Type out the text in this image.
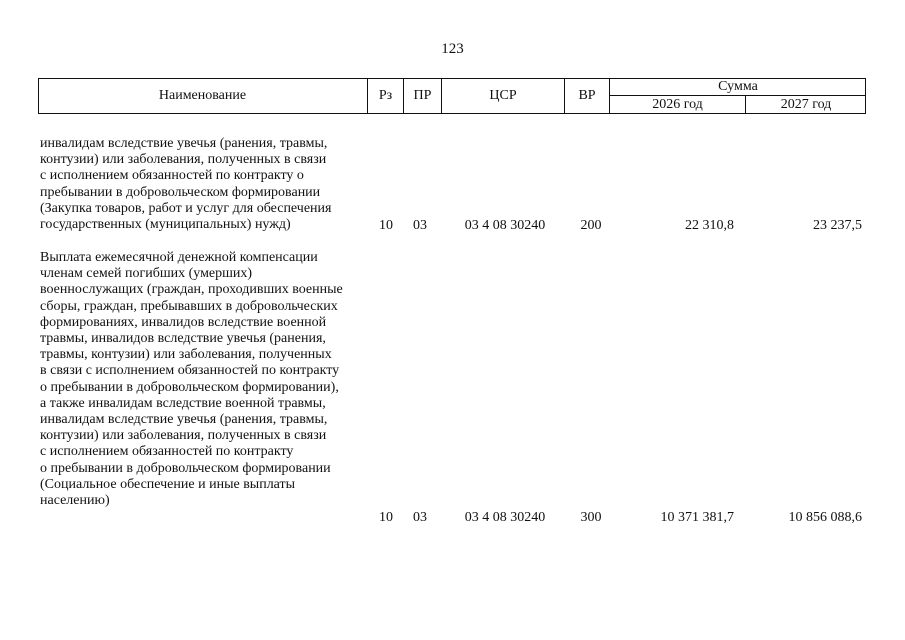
123
Наименование	Рз	ПР	ЦСР	ВР
Сумма
2026 год	2027 год
инвалидам вследствие увечья (ранения, травмы,
контузии) или заболевания, полученных в связи
с исполнением обязанностей по контракту о
пребывании в добровольческом формировании
(Закупка товаров, работ и услуг для обеспечения
государственных (муниципальных) нужд)	10	03	03 4 08 30240	200	22 310,8	23 237,5
Выплата ежемесячной денежной компенсации
членам семей погибших (умерших)
военнослужащих (граждан, проходивших военные
сборы, граждан, пребывавших в добровольческих
формированиях, инвалидов вследствие военной
травмы, инвалидов вследствие увечья (ранения,
травмы, контузии) или заболевания, полученных
в связи с исполнением обязанностей по контракту
о пребывании в добровольческом формировании),
а также инвалидам вследствие военной травмы,
инвалидам вследствие увечья (ранения, травмы,
контузии) или заболевания, полученных в связи
с исполнением обязанностей по контракту
о пребывании в добровольческом формировании
(Социальное обеспечение и иные выплаты
населению)
10	03	03 4 08 30240	300	10 371 381,7	10 856 088,6
